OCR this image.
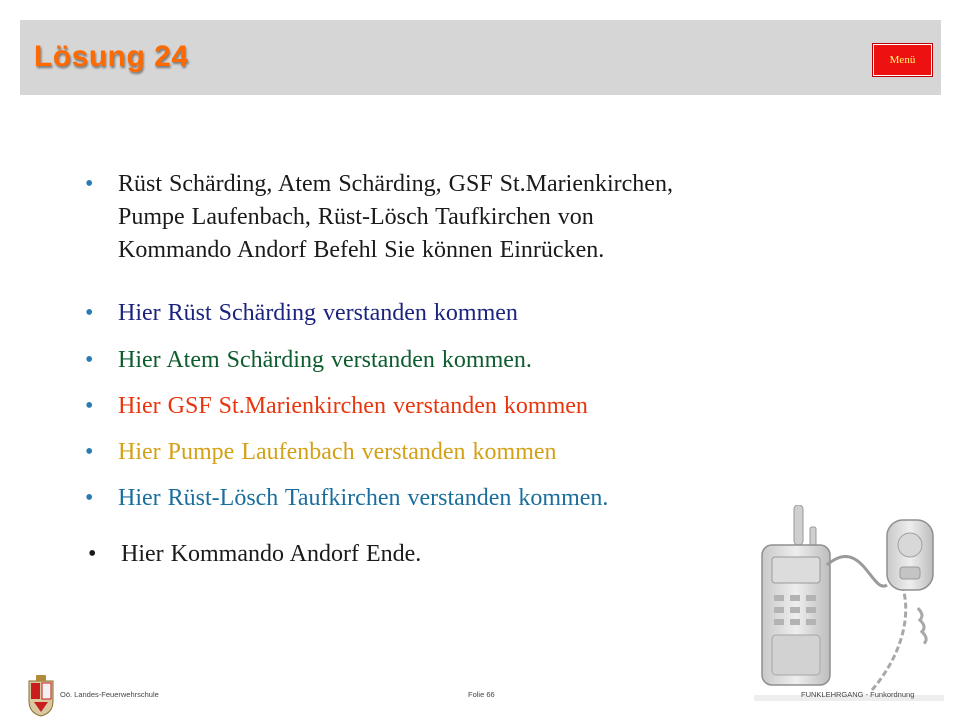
Lösung 24	Menü
•	Rüst Schärding, Atem Schärding, GSF St.Marienkirchen,
Pumpe Laufenbach, Rüst-Lösch Taufkirchen von
Kommando Andorf Befehl Sie können Einrücken.
•	Hier Rüst Schärding verstanden kommen
•	Hier Atem Schärding verstanden kommen.
•	Hier GSF St.Marienkirchen verstanden kommen
•	Hier Pumpe Laufenbach verstanden kommen
•	Hier Rüst-Lösch Taufkirchen verstanden kommen.
•	Hier Kommando Andorf Ende.
Oö. Landes-Feuerwehrschule	Folie 66	FUNKLEHRGANG - Funkordnung
